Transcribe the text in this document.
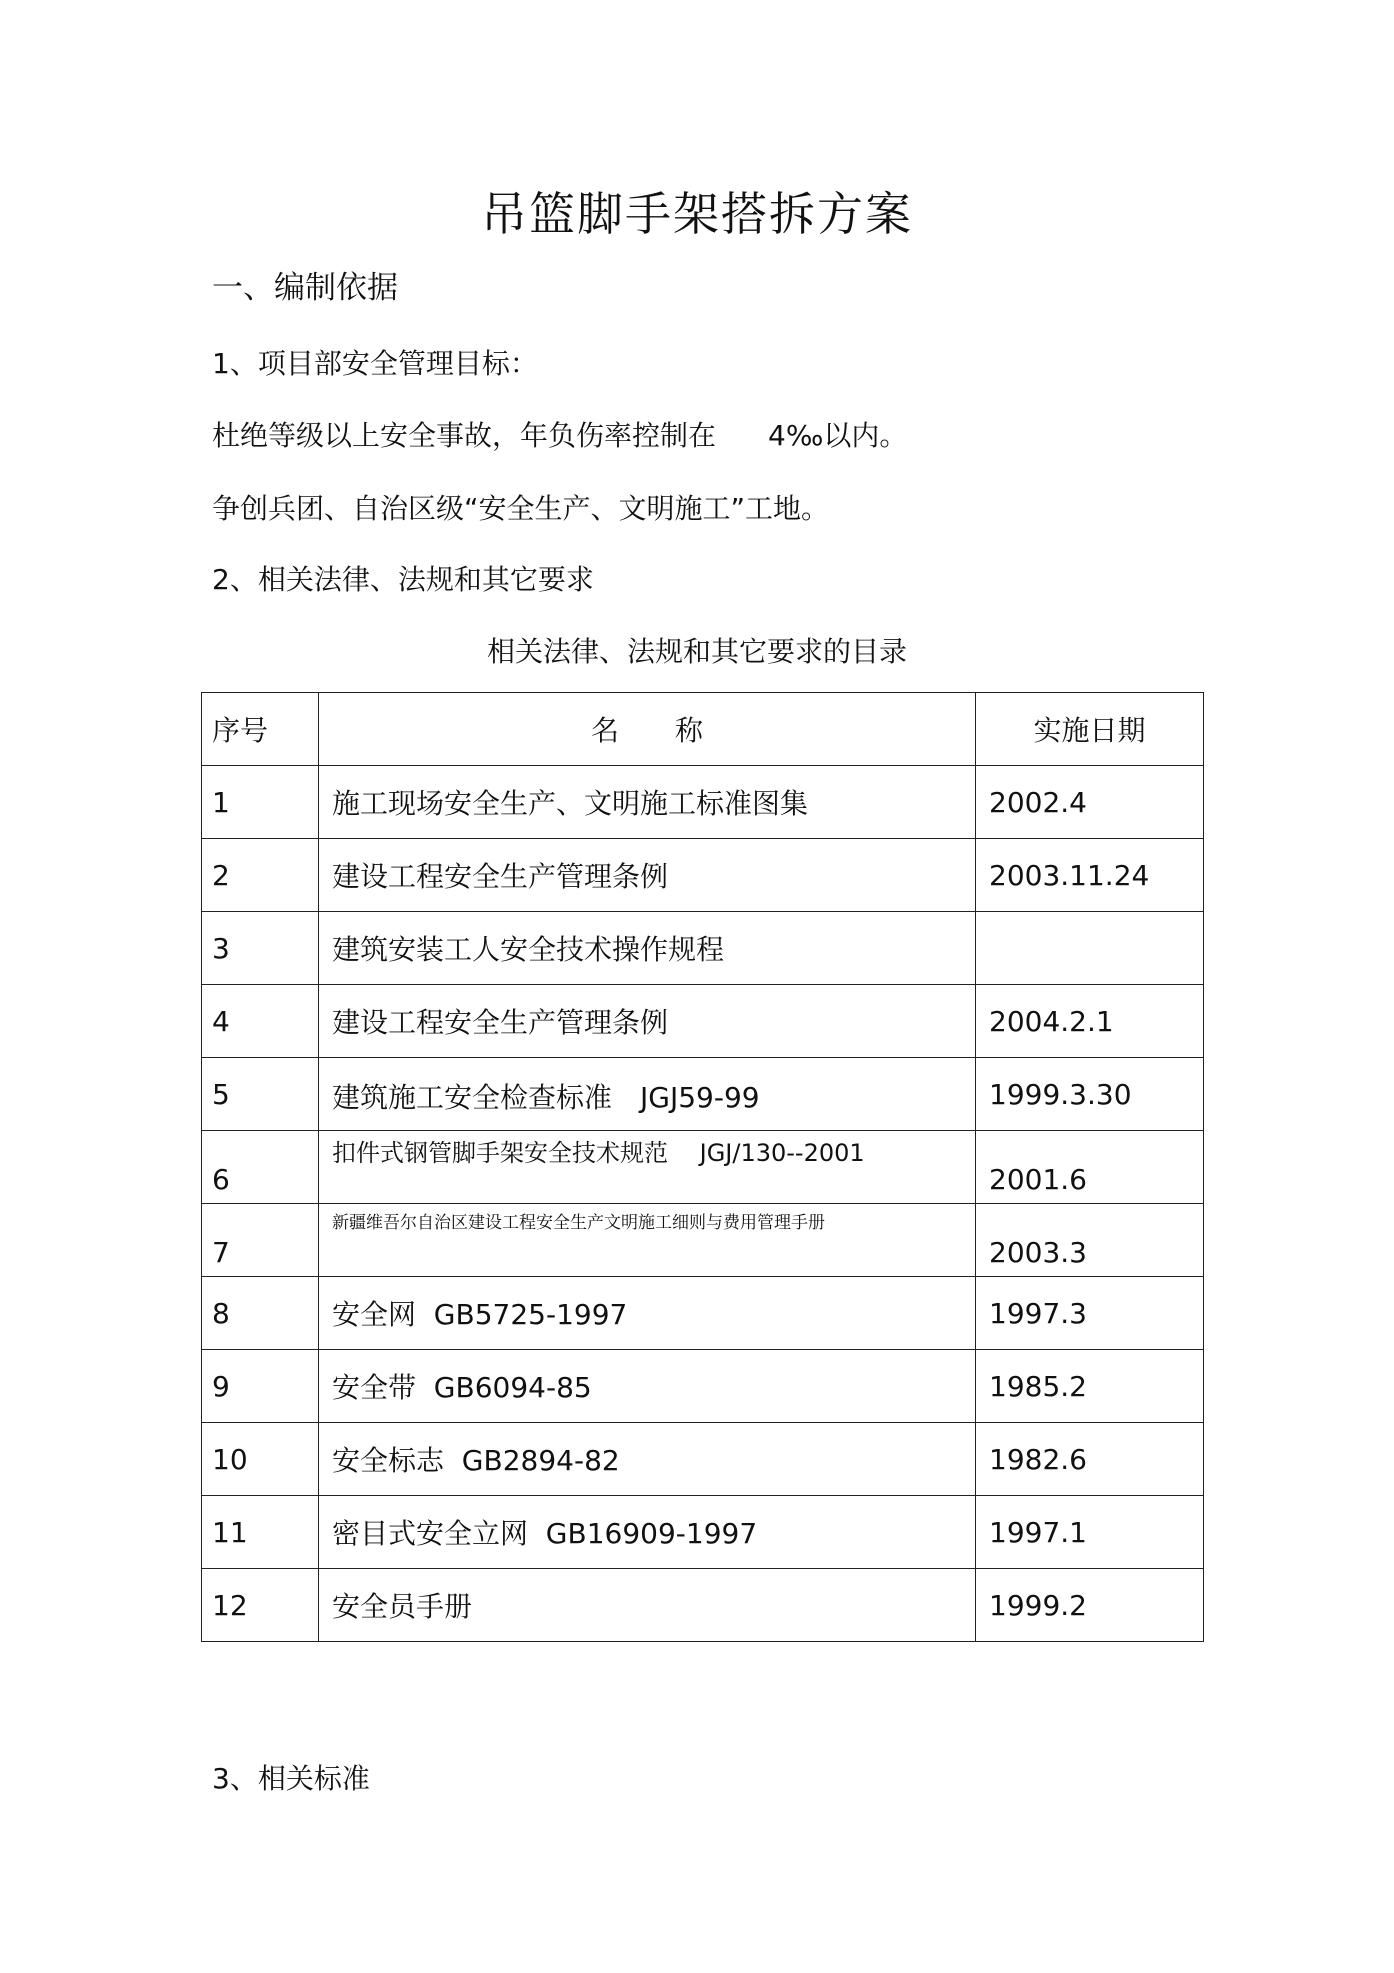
吊篮脚手架搭拆方案
一、编制依据
1、项目部安全管理目标：
杜绝等级以上安全事故，年负伤率控制在 4‰以内。
争创兵团、自治区级“安全生产、文明施工”工地。
2、相关法律、法规和其它要求
相关法律、法规和其它要求的目录
序号	名　　称	实施日期
1	施工现场安全生产、文明施工标准图集	2002.4
2	建设工程安全生产管理条例	2003.11.24
3	建筑安装工人安全技术操作规程	
4	建设工程安全生产管理条例	2004.2.1
5	建筑施工安全检查标准　JGJ59-99	1999.3.30
6	扣件式钢管脚手架安全技术规范　 JGJ/130--2001	2001.6
7	新疆维吾尔自治区建设工程安全生产文明施工细则与费用管理手册	2003.3
8	安全网  GB5725-1997	1997.3
9	安全带  GB6094-85	1985.2
10	安全标志  GB2894-82	1982.6
11	密目式安全立网  GB16909-1997	1997.1
12	安全员手册	1999.2
3、相关标准
